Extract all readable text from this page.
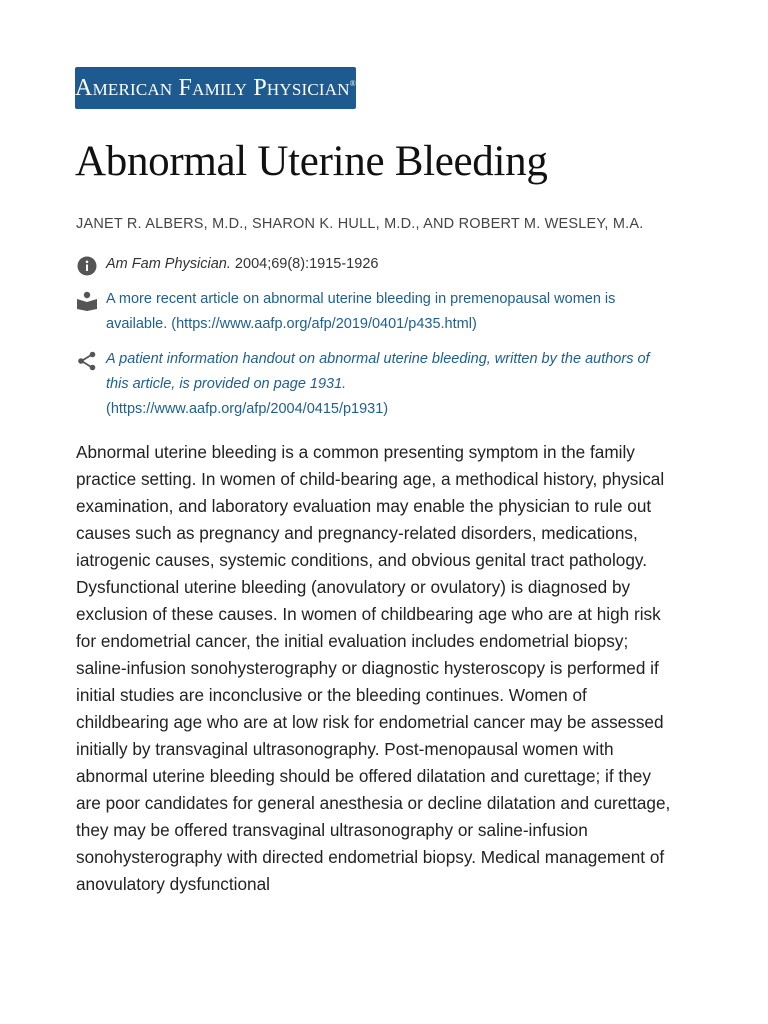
American Family Physician®
Abnormal Uterine Bleeding
JANET R. ALBERS, M.D., SHARON K. HULL, M.D., AND ROBERT M. WESLEY, M.A.
Am Fam Physician. 2004;69(8):1915-1926
A more recent article on abnormal uterine bleeding in premenopausal women is available. (https://www.aafp.org/afp/2019/0401/p435.html)
A patient information handout on abnormal uterine bleeding, written by the authors of this article, is provided on page 1931.
(https://www.aafp.org/afp/2004/0415/p1931)

Abnormal uterine bleeding is a common presenting symptom in the family practice setting. In women of child-bearing age, a methodical history, physical examination, and laboratory evaluation may enable the physician to rule out causes such as pregnancy and pregnancy-related disorders, medications, iatrogenic causes, systemic conditions, and obvious genital tract pathology. Dysfunctional uterine bleeding (anovulatory or ovulatory) is diagnosed by exclusion of these causes. In women of childbearing age who are at high risk for endometrial cancer, the initial evaluation includes endometrial biopsy; saline-infusion sonohysterography or diagnostic hysteroscopy is performed if initial studies are inconclusive or the bleeding continues. Women of childbearing age who are at low risk for endometrial cancer may be assessed initially by transvaginal ultrasonography. Post-menopausal women with abnormal uterine bleeding should be offered dilatation and curettage; if they are poor candidates for general anesthesia or decline dilatation and curettage, they may be offered transvaginal ultrasonography or saline-infusion sonohysterography with directed endometrial biopsy. Medical management of anovulatory dysfunctional
